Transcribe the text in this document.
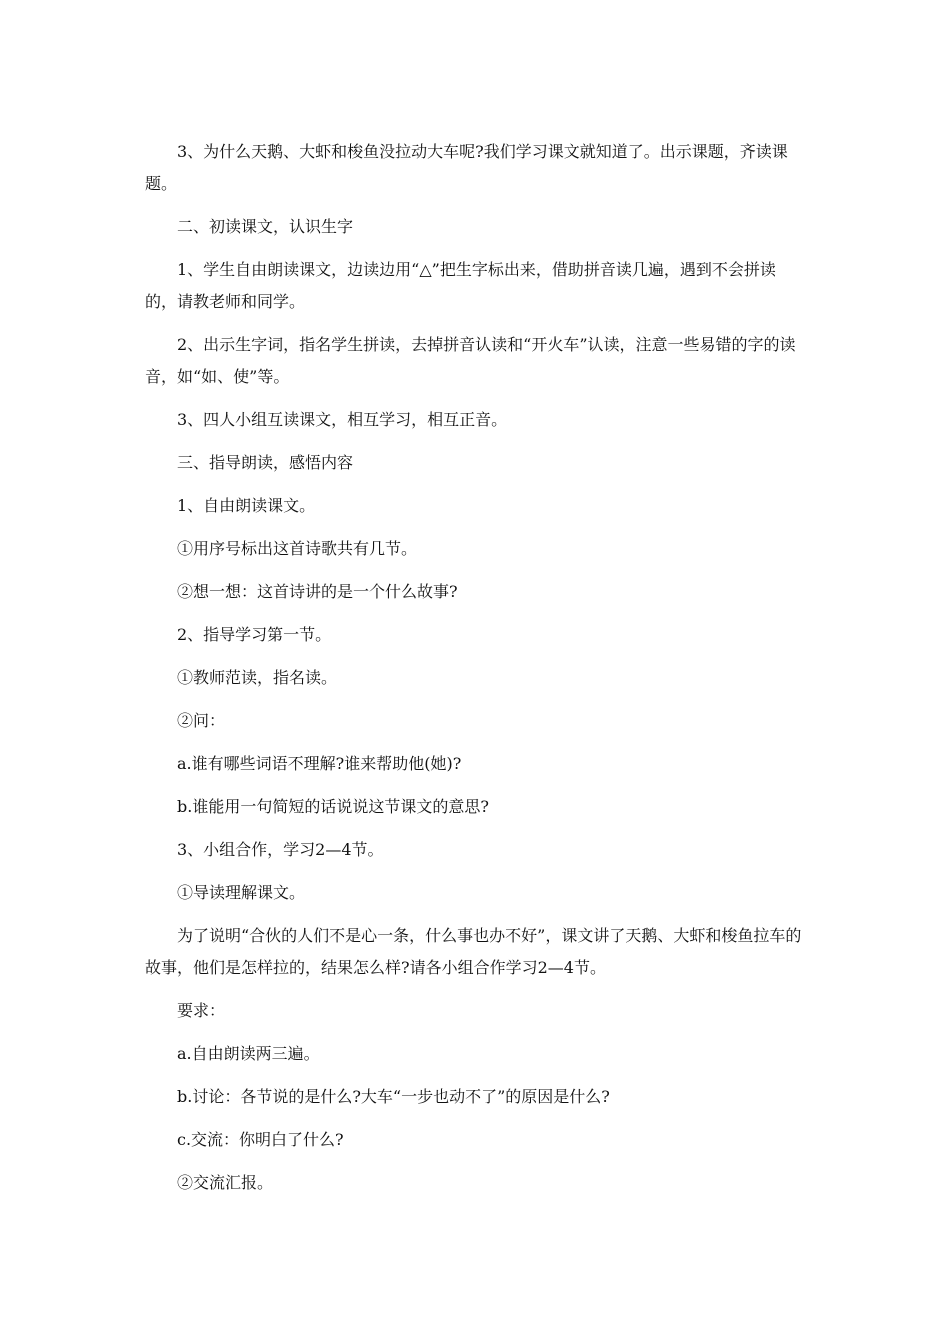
3、为什么天鹅、大虾和梭鱼没拉动大车呢?我们学习课文就知道了。出示课题，齐读课题。

二、初读课文，认识生字

1、学生自由朗读课文，边读边用“△”把生字标出来，借助拼音读几遍，遇到不会拼读的，请教老师和同学。

2、出示生字词，指名学生拼读，去掉拼音认读和“开火车”认读，注意一些易错的字的读音，如“如、使”等。

3、四人小组互读课文，相互学习，相互正音。

三、指导朗读，感悟内容

1、自由朗读课文。

①用序号标出这首诗歌共有几节。

②想一想：这首诗讲的是一个什么故事?

2、指导学习第一节。

①教师范读，指名读。

②问：

a.谁有哪些词语不理解?谁来帮助他(她)?

b.谁能用一句简短的话说说这节课文的意思?

3、小组合作，学习2—4节。

①导读理解课文。

为了说明“合伙的人们不是心一条，什么事也办不好”，课文讲了天鹅、大虾和梭鱼拉车的故事，他们是怎样拉的，结果怎么样?请各小组合作学习2—4节。

要求：

a.自由朗读两三遍。

b.讨论：各节说的是什么?大车“一步也动不了”的原因是什么?

c.交流：你明白了什么?

②交流汇报。
